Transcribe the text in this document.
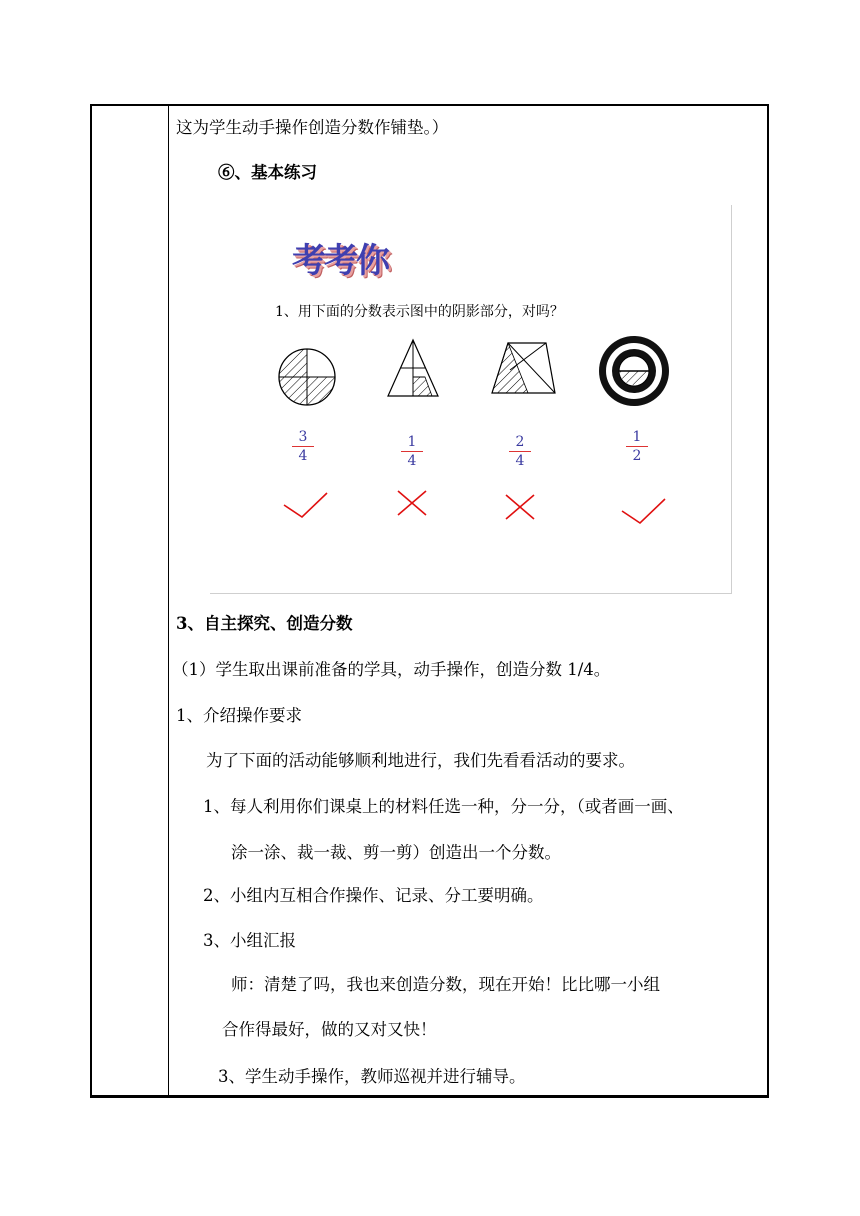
这为学生动手操作创造分数作铺垫。）
⑥、基本练习
考考你
1、用下面的分数表示图中的阴影部分，对吗？
3
4
1
4
2
4
1
2
3、自主探究、创造分数
（1）学生取出课前准备的学具，动手操作，创造分数 1/4。
1、介绍操作要求
为了下面的活动能够顺利地进行，我们先看看活动的要求。
1、每人利用你们课桌上的材料任选一种，分一分，（或者画一画、
涂一涂、裁一裁、剪一剪）创造出一个分数。
2、小组内互相合作操作、记录、分工要明确。
3、小组汇报
师：清楚了吗，我也来创造分数，现在开始！比比哪一小组
合作得最好，做的又对又快！
3、学生动手操作，教师巡视并进行辅导。
